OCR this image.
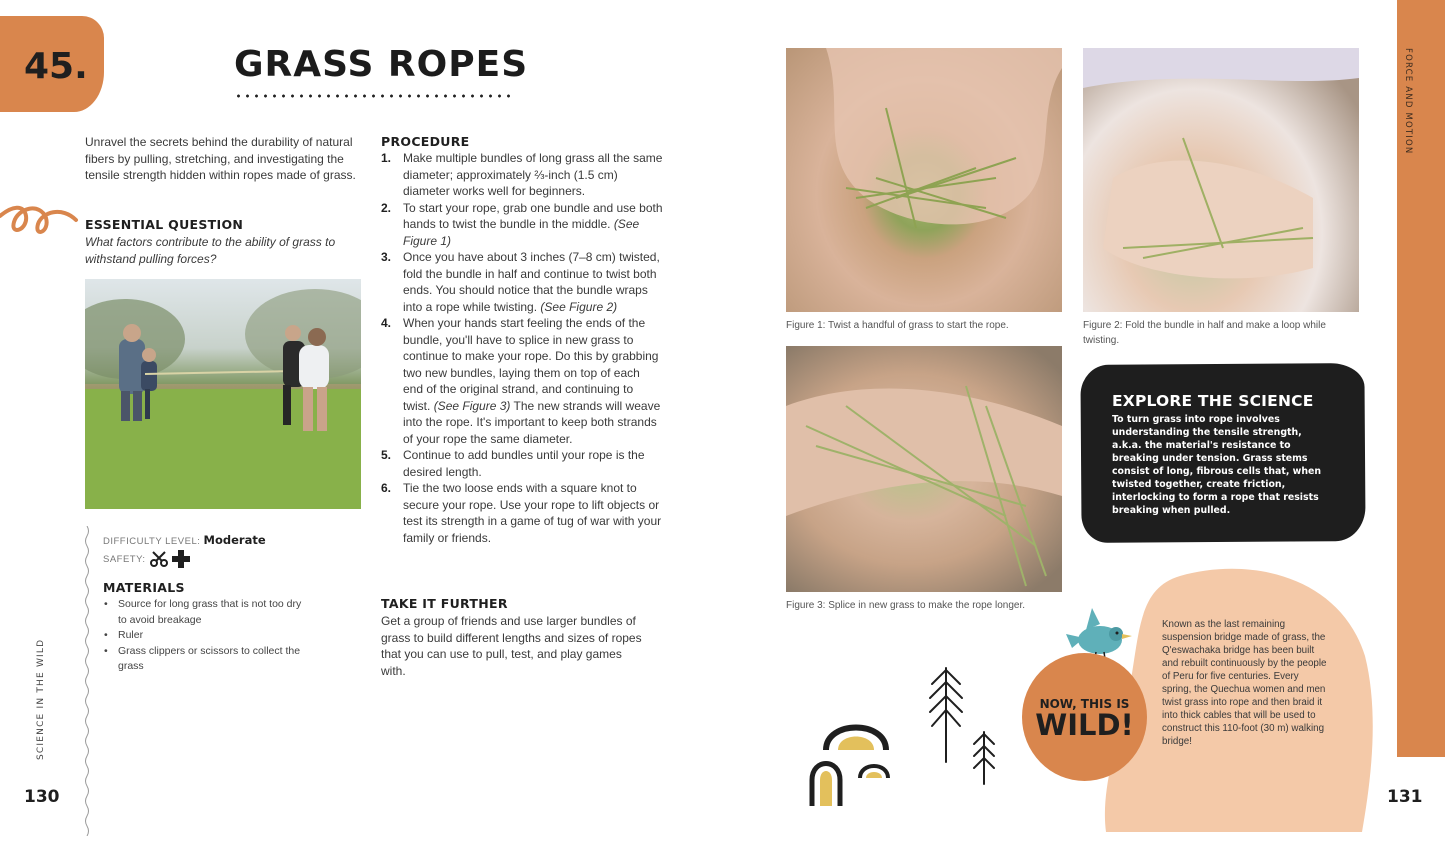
45.	GRASS ROPES
Unravel the secrets behind the durability of natural fibers by pulling, stretching, and investigating the tensile strength hidden within ropes made of grass.
ESSENTIAL QUESTION
What factors contribute to the ability of grass to withstand pulling forces?
DIFFICULTY LEVEL: Moderate
SAFETY:
MATERIALS
• Source for long grass that is not too dry to avoid breakage
• Ruler
• Grass clippers or scissors to collect the grass
SCIENCE IN THE WILD
130
PROCEDURE
1. Make multiple bundles of long grass all the same diameter; approximately ⅔-inch (1.5 cm) diameter works well for beginners.
2. To start your rope, grab one bundle and use both hands to twist the bundle in the middle. (See Figure 1)
3. Once you have about 3 inches (7–8 cm) twisted, fold the bundle in half and continue to twist both ends. You should notice that the bundle wraps into a rope while twisting. (See Figure 2)
4. When your hands start feeling the ends of the bundle, you'll have to splice in new grass to continue to make your rope. Do this by grabbing two new bundles, laying them on top of each end of the original strand, and continuing to twist. (See Figure 3) The new strands will weave into the rope. It's important to keep both strands of your rope the same diameter.
5. Continue to add bundles until your rope is the desired length.
6. Tie the two loose ends with a square knot to secure your rope. Use your rope to lift objects or test its strength in a game of tug of war with your family or friends.
TAKE IT FURTHER
Get a group of friends and use larger bundles of grass to build different lengths and sizes of ropes that you can use to pull, test, and play games with.
Figure 1: Twist a handful of grass to start the rope.	Figure 2: Fold the bundle in half and make a loop while twisting.
Figure 3: Splice in new grass to make the rope longer.
EXPLORE THE SCIENCE
To turn grass into rope involves understanding the tensile strength, a.k.a. the material's resistance to breaking under tension. Grass stems consist of long, fibrous cells that, when twisted together, create friction, interlocking to form a rope that resists breaking when pulled.
FORCE AND MOTION
Known as the last remaining suspension bridge made of grass, the Q'eswachaka bridge has been built and rebuilt continuously by the people of Peru for five centuries. Every spring, the Quechua women and men twist grass into rope and then braid it into thick cables that will be used to construct this 110-foot (30 m) walking bridge!
NOW, THIS IS
WILD!
131
